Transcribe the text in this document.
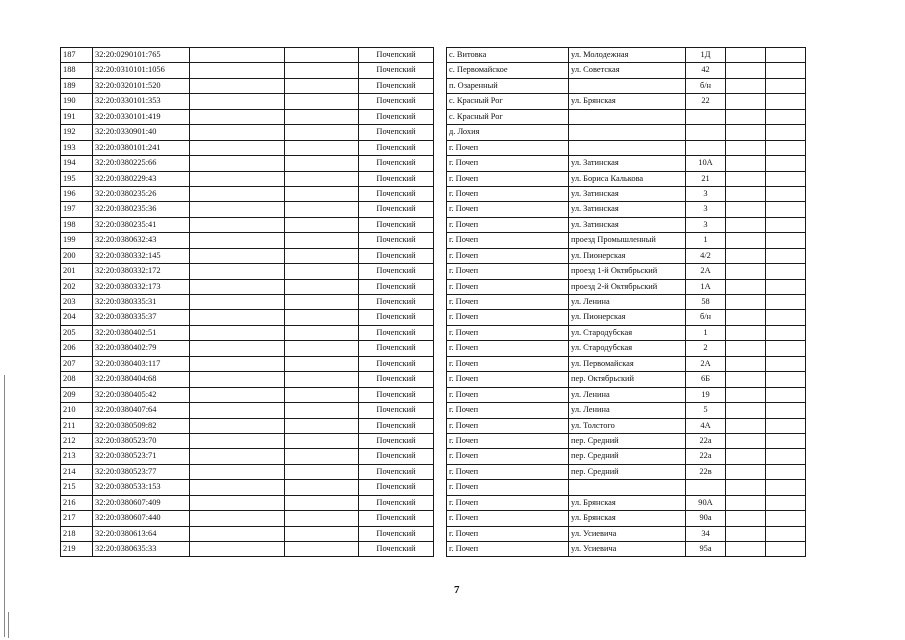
187	32:20:0290101:765			Почепский		с. Витовка	ул. Молодежная	1Д		
188	32:20:0310101:1056			Почепский		с. Первомайское	ул. Советская	42		
189	32:20:0320101:520			Почепский		п. Озаренный		б/н		
190	32:20:0330101:353			Почепский		с. Красный Рог	ул. Брянская	22		
191	32:20:0330101:419			Почепский		с. Красный Рог				
192	32:20:0330901:40			Почепский		д. Лохия				
193	32:20:0380101:241			Почепский		г. Почеп				
194	32:20:0380225:66			Почепский		г. Почеп	ул. Затинская	10А		
195	32:20:0380229:43			Почепский		г. Почеп	ул. Бориса Калькова	21		
196	32:20:0380235:26			Почепский		г. Почеп	ул. Затинская	3		
197	32:20:0380235:36			Почепский		г. Почеп	ул. Затинская	3		
198	32:20:0380235:41			Почепский		г. Почеп	ул. Затинская	3		
199	32:20:0380632:43			Почепский		г. Почеп	проезд Промышленный	1		
200	32:20:0380332:145			Почепский		г. Почеп	ул. Пионерская	4/2		
201	32:20:0380332:172			Почепский		г. Почеп	проезд 1-й Октябрьский	2А		
202	32:20:0380332:173			Почепский		г. Почеп	проезд 2-й Октябрьский	1А		
203	32:20:0380335:31			Почепский		г. Почеп	ул. Ленина	58		
204	32:20:0380335:37			Почепский		г. Почеп	ул. Пионерская	б/н		
205	32:20:0380402:51			Почепский		г. Почеп	ул. Стародубская	1		
206	32:20:0380402:79			Почепский		г. Почеп	ул. Стародубская	2		
207	32:20:0380403:117			Почепский		г. Почеп	ул. Первомайская	2А		
208	32:20:0380404:68			Почепский		г. Почеп	пер. Октябрьский	6Б		
209	32:20:0380405:42			Почепский		г. Почеп	ул. Ленина	19		
210	32:20:0380407:64			Почепский		г. Почеп	ул. Ленина	5		
211	32:20:0380509:82			Почепский		г. Почеп	ул. Толстого	4А		
212	32:20:0380523:70			Почепский		г. Почеп	пер. Средний	22а		
213	32:20:0380523:71			Почепский		г. Почеп	пер. Средний	22а		
214	32:20:0380523:77			Почепский		г. Почеп	пер. Средний	22в		
215	32:20:0380533:153			Почепский		г. Почеп				
216	32:20:0380607:409			Почепский		г. Почеп	ул. Брянская	90А		
217	32:20:0380607:440			Почепский		г. Почеп	ул. Брянская	90а		
218	32:20:0380613:64			Почепский		г. Почеп	ул. Усиевича	34		
219	32:20:0380635:33			Почепский		г. Почеп	ул. Усиевича	95а		
7
